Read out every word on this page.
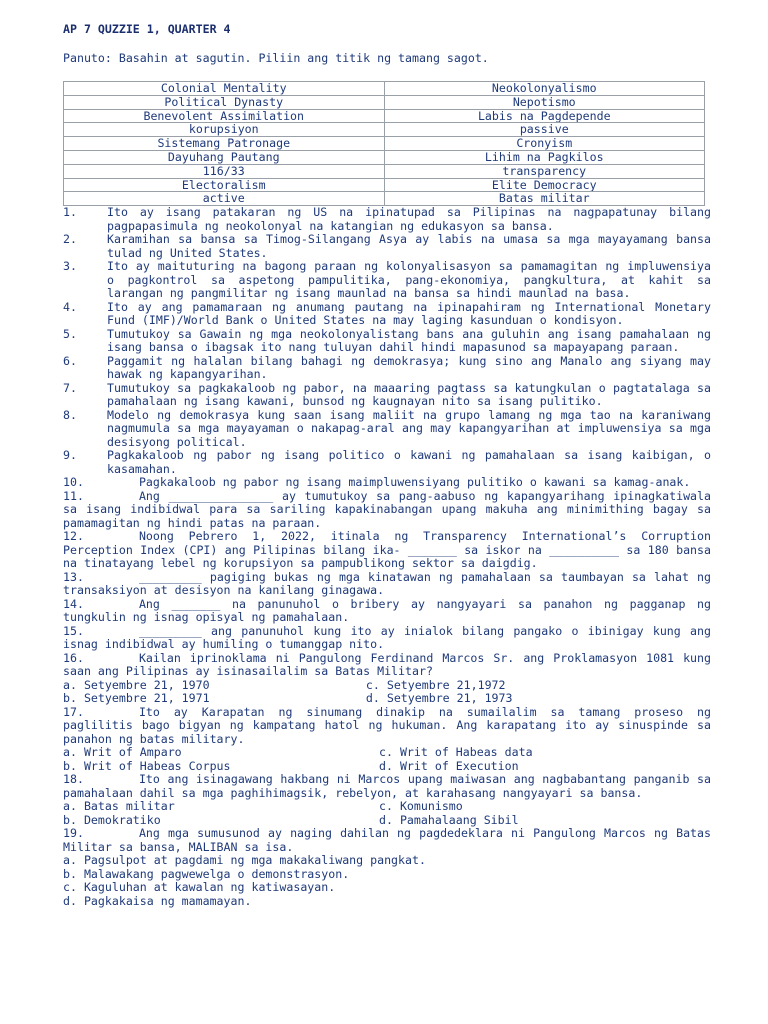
AP 7 QUZZIE 1, QUARTER 4
Panuto: Basahin at sagutin. Piliin ang titik ng tamang sagot.
Colonial Mentality	Neokolonyalismo
Political Dynasty	Nepotismo
Benevolent Assimilation	Labis na Pagdepende
korupsiyon	passive
Sistemang Patronage	Cronyism
Dayuhang Pautang	Lihim na Pagkilos
116/33	transparency
Electoralism	Elite Democracy
active	Batas militar
1.	Ito ay isang patakaran ng US na ipinatupad sa Pilipinas na nagpapatunay bilang pagpapasimula ng neokolonyal na katangian ng edukasyon sa bansa.
2.	Karamihan sa bansa sa Timog-Silangang Asya ay labis na umasa sa mga mayayamang bansa tulad ng United States.
3.	Ito ay maituturing na bagong paraan ng kolonyalisasyon sa pamamagitan ng impluwensiya o pagkontrol sa aspetong pampulitika, pang-ekonomiya, pangkultura, at kahit sa larangan ng pangmilitar ng isang maunlad na bansa sa hindi maunlad na basa.
4.	Ito ay ang pamamaraan ng anumang pautang na ipinapahiram ng International Monetary Fund (IMF)/World Bank o United States na may laging kasunduan o kondisyon.
5.	Tumutukoy sa Gawain ng mga neokolonyalistang bans ana guluhin ang isang pamahalaan ng isang bansa o ibagsak ito nang tuluyan dahil hindi mapasunod sa mapayapang paraan.
6.	Paggamit ng halalan bilang bahagi ng demokrasya; kung sino ang Manalo ang siyang may hawak ng kapangyarihan.
7.	Tumutukoy sa pagkakaloob ng pabor, na maaaring pagtass sa katungkulan o pagtatalaga sa pamahalaan ng isang kawani, bunsod ng kaugnayan nito sa isang pulitiko.
8.	Modelo ng demokrasya kung saan isang maliit na grupo lamang ng mga tao na karaniwang nagmumula sa mga mayayaman o nakapag-aral ang may kapangyarihan at impluwensiya sa mga desisyong political.
9.	Pagkakaloob ng pabor ng isang politico o kawani ng pamahalaan sa isang kaibigan, o kasamahan.
10.	Pagkakaloob ng pabor ng isang maimpluwensiyang pulitiko o kawani sa kamag-anak.
11.	Ang _______________ ay tumutukoy sa pang-aabuso ng kapangyarihang ipinagkatiwala sa isang indibidwal para sa sariling kapakinabangan upang makuha ang minimithing bagay sa pamamagitan ng hindi patas na paraan.
12.	Noong Pebrero 1, 2022, itinala ng Transparency International’s Corruption Perception Index (CPI) ang Pilipinas bilang ika- _______ sa iskor na __________ sa 180 bansa na tinatayang lebel ng korupsiyon sa pampublikong sektor sa daigdig.
13.	_________ pagiging bukas ng mga kinatawan ng pamahalaan sa taumbayan sa lahat ng transaksiyon at desisyon na kanilang ginagawa.
14.	Ang _______ na panunuhol o bribery ay nangyayari sa panahon ng pagganap ng tungkulin ng isnag opisyal ng pamahalaan.
15.	_________ ang panunuhol kung ito ay inialok bilang pangako o ibinigay kung ang isnag indibidwal ay humiling o tumanggap nito.
16.	Kailan iprinoklama ni Pangulong Ferdinand Marcos Sr. ang Proklamasyon 1081 kung saan ang Pilipinas ay isinasailalim sa Batas Militar?
a. Setyembre 21, 1970	c. Setyembre 21,1972
b. Setyembre 21, 1971	d. Setyembre 21, 1973
17.	Ito ay Karapatan ng sinumang dinakip na sumailalim sa tamang proseso ng paglilitis bago bigyan ng kampatang hatol ng hukuman. Ang karapatang ito ay sinuspinde sa panahon ng batas military.
a. Writ of Amparo	c. Writ of Habeas data
b. Writ of Habeas Corpus	d. Writ of Execution
18.	Ito ang isinagawang hakbang ni Marcos upang maiwasan ang nagbabantang panganib sa pamahalaan dahil sa mga paghihimagsik, rebelyon, at karahasang nangyayari sa bansa.
a. Batas militar	c. Komunismo
b. Demokratiko	d. Pamahalaang Sibil
19.	Ang mga sumusunod ay naging dahilan ng pagdedeklara ni Pangulong Marcos ng Batas Militar sa bansa, MALIBAN sa isa.
a. Pagsulpot at pagdami ng mga makakaliwang pangkat.
b. Malawakang pagwewelga o demonstrasyon.
c. Kaguluhan at kawalan ng katiwasayan.
d. Pagkakaisa ng mamamayan.
